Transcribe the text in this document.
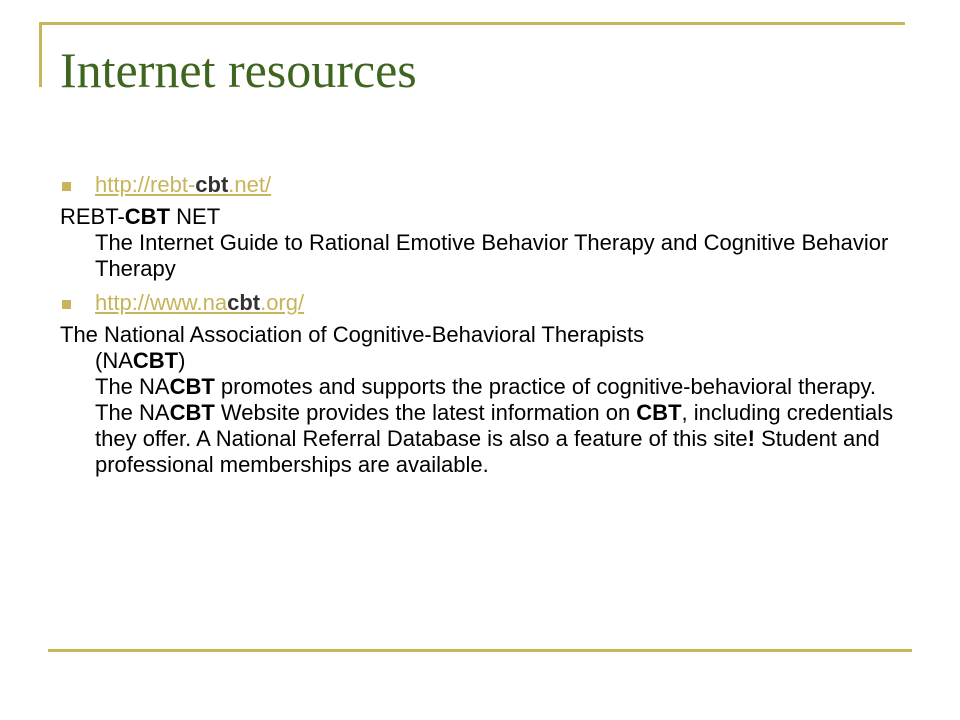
Internet resources
http://rebt-cbt.net/
REBT-CBT NET
The Internet Guide to Rational Emotive Behavior Therapy and Cognitive Behavior Therapy
http://www.nacbt.org/
The National Association of Cognitive-Behavioral Therapists
(NACBT)
The NACBT promotes and supports the practice of cognitive-behavioral therapy. The NACBT Website provides the latest information on CBT, including credentials they offer. A National Referral Database is also a feature of this site! Student and professional memberships are available.
